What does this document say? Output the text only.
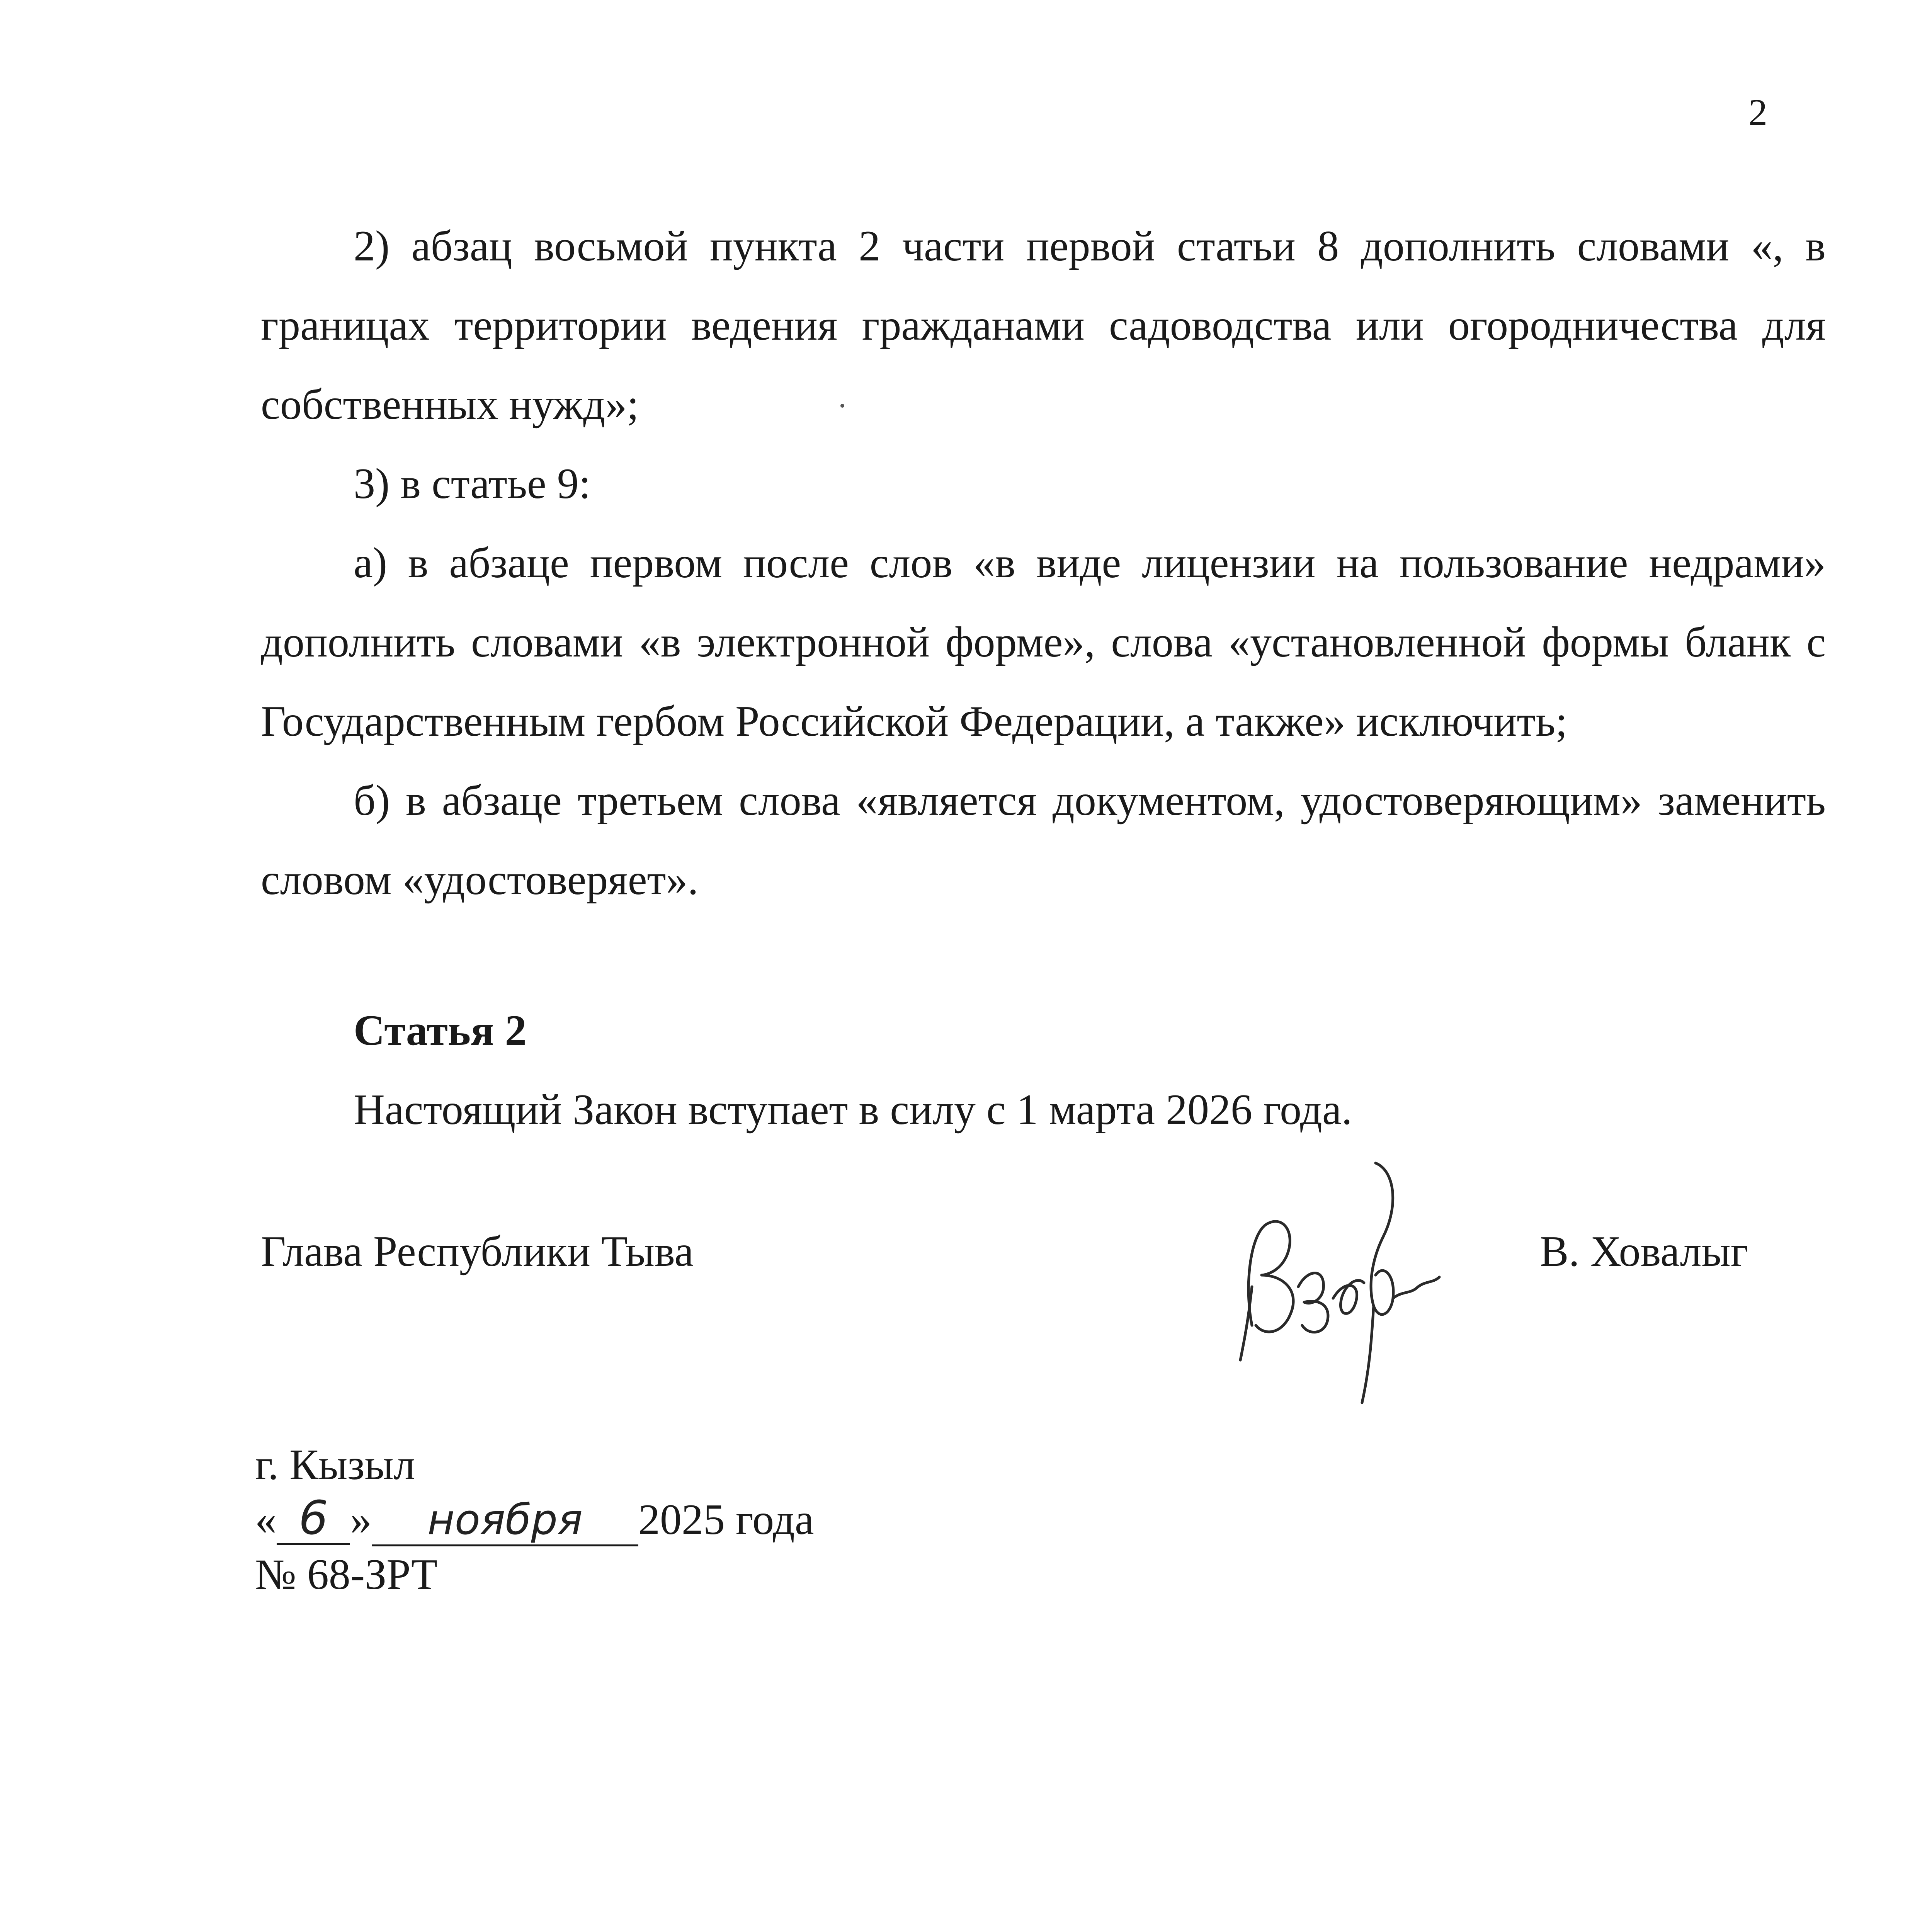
2

2) абзац восьмой пункта 2 части первой статьи 8 дополнить словами «, в границах территории ведения гражданами садоводства или огородничества для собственных нужд»;

3) в статье 9:

а) в абзаце первом после слов «в виде лицензии на пользование недрами» дополнить словами «в электронной форме», слова «установленной формы бланк с Государственным гербом Российской Федерации, а также» исключить;

б) в абзаце третьем слова «является документом, удостоверяющим» заменить словом «удостоверяет».

Статья 2

Настоящий Закон вступает в силу с 1 марта 2026 года.

Глава Республики Тыва	В. Ховалыг
г. Кызыл
« 6 » ноября 2025 года
№ 68-ЗРТ
